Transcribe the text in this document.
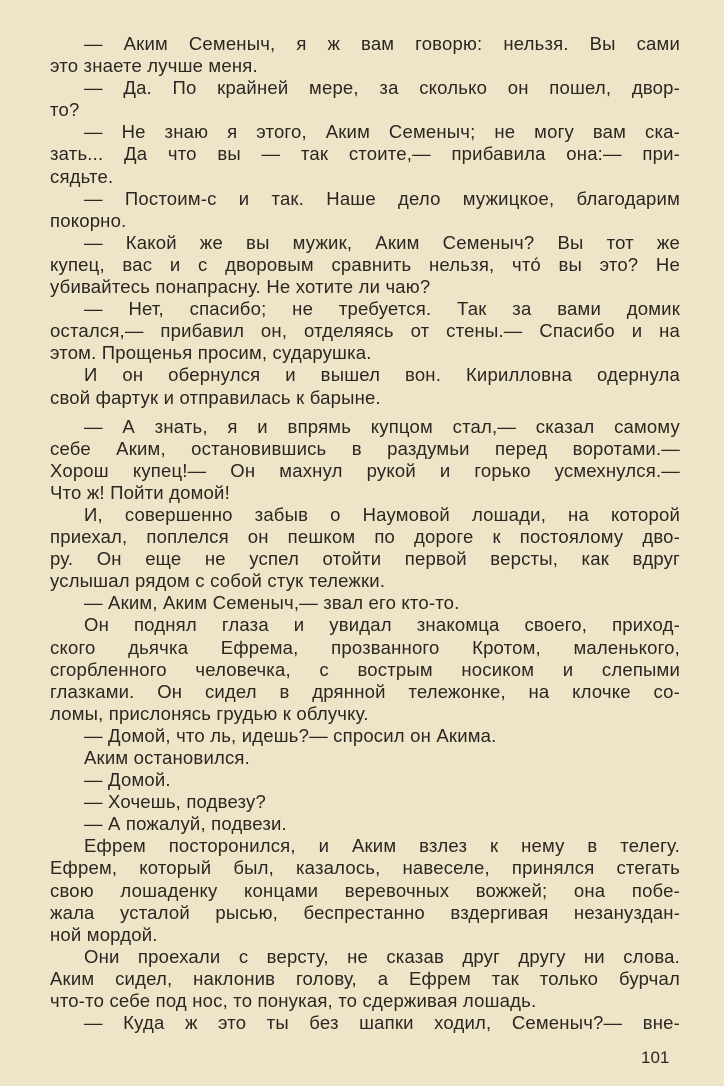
— Аким Семеныч, я ж вам говорю: нельзя. Вы сами
это знаете лучше меня.
— Да. По крайней мере, за сколько он пошел, двор-
то?
— Не знаю я этого, Аким Семеныч; не могу вам ска-
зать... Да что вы — так стоите,— прибавила она:— при-
сядьте.
— Постоим-с и так. Наше дело мужицкое, благодарим
покорно.
— Какой же вы мужик, Аким Семеныч? Вы тот же
купец, вас и с дворовым сравнить нельзя, что́ вы это? Не
убивайтесь понапрасну. Не хотите ли чаю?
— Нет, спасибо; не требуется. Так за вами домик
остался,— прибавил он, отделяясь от стены.— Спасибо и на
этом. Прощенья просим, сударушка.
И он обернулся и вышел вон. Кирилловна одернула
свой фартук и отправилась к барыне.
— А знать, я и впрямь купцом стал,— сказал самому
себе Аким, остановившись в раздумьи перед воротами.—
Хорош купец!— Он махнул рукой и горько усмехнулся.—
Что ж! Пойти домой!
И, совершенно забыв о Наумовой лошади, на которой
приехал, поплелся он пешком по дороге к постоялому дво-
ру. Он еще не успел отойти первой версты, как вдруг
услышал рядом с собой стук тележки.
— Аким, Аким Семеныч,— звал его кто-то.
Он поднял глаза и увидал знакомца своего, приход-
ского дьячка Ефрема, прозванного Кротом, маленького,
сгорбленного человечка, с вострым носиком и слепыми
глазками. Он сидел в дрянной тележонке, на клочке со-
ломы, прислонясь грудью к облучку.
— Домой, что ль, идешь?— спросил он Акима.
Аким остановился.
— Домой.
— Хочешь, подвезу?
— А пожалуй, подвези.
Ефрем посторонился, и Аким взлез к нему в телегу.
Ефрем, который был, казалось, навеселе, принялся стегать
свою лошаденку концами веревочных вожжей; она побе-
жала усталой рысью, беспрестанно вздергивая незануздан-
ной мордой.
Они проехали с версту, не сказав друг другу ни слова.
Аким сидел, наклонив голову, а Ефрем так только бурчал
что-то себе под нос, то понукая, то сдерживая лошадь.
— Куда ж это ты без шапки ходил, Семеныч?— вне-
101
